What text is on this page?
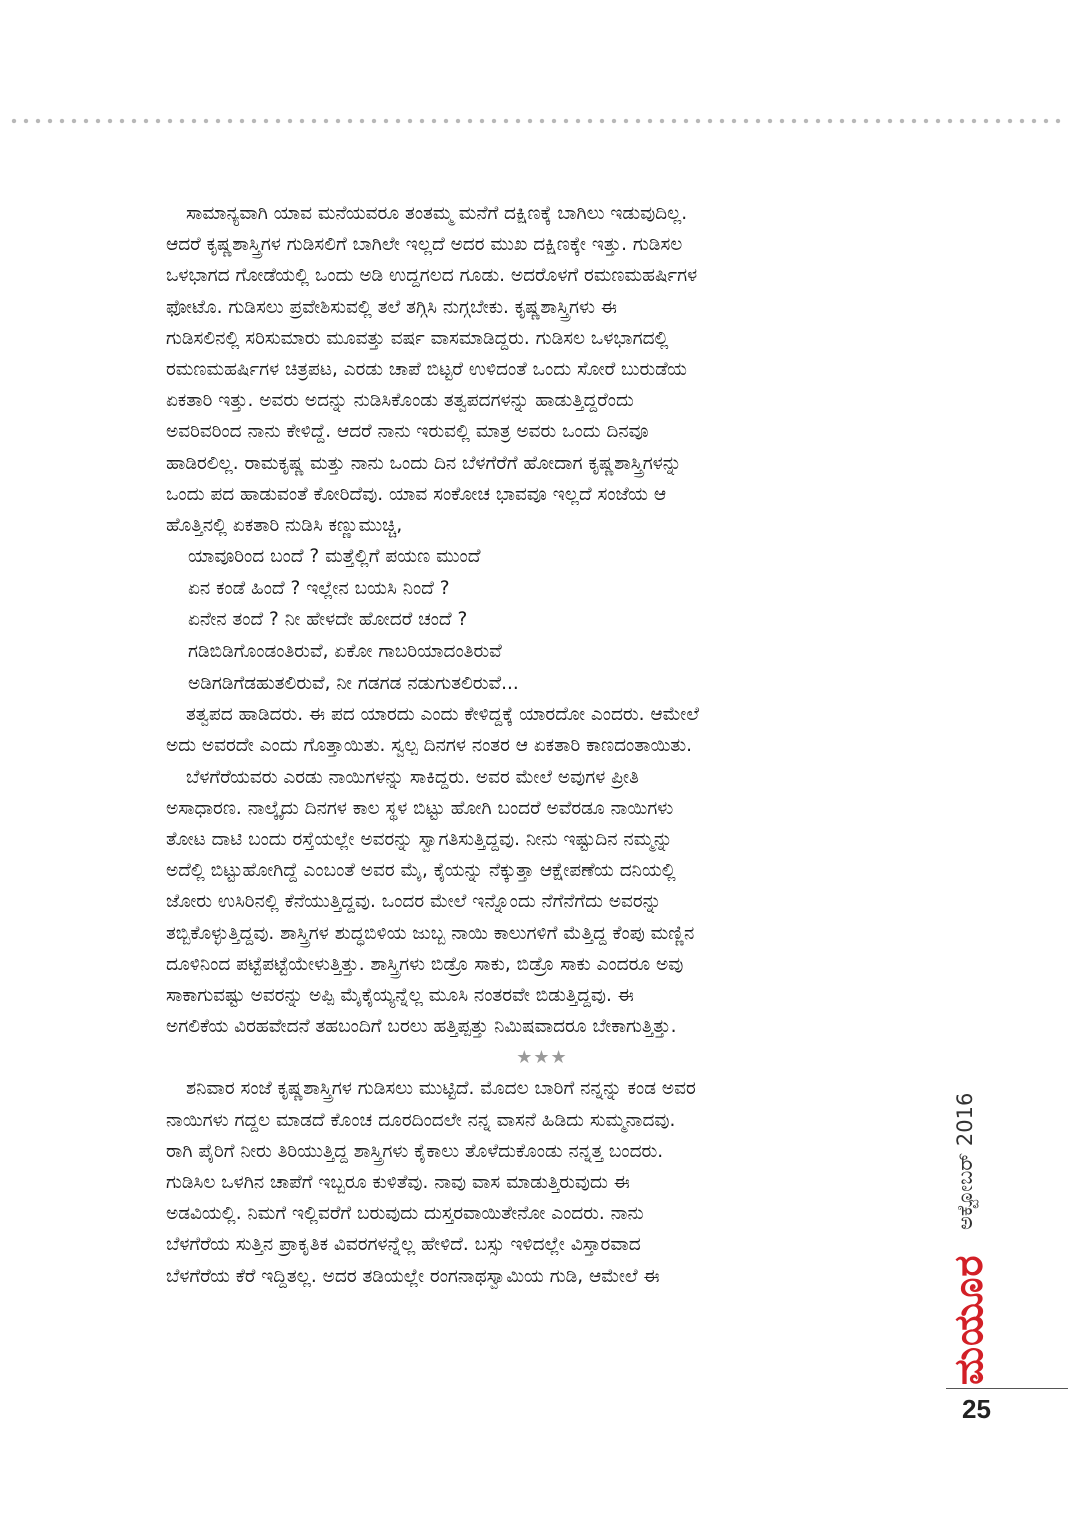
ಸಾಮಾನ್ಯವಾಗಿ ಯಾವ ಮನೆಯವರೂ ತಂತಮ್ಮ ಮನೆಗೆ ದಕ್ಷಿಣಕ್ಕೆ ಬಾಗಿಲು ಇಡುವುದಿಲ್ಲ.
ಆದರೆ ಕೃಷ್ಣಶಾಸ್ತ್ರಿಗಳ ಗುಡಿಸಲಿಗೆ ಬಾಗಿಲೇ ಇಲ್ಲದೆ ಅದರ ಮುಖ ದಕ್ಷಿಣಕ್ಕೇ ಇತ್ತು. ಗುಡಿಸಲ
ಒಳಭಾಗದ ಗೋಡೆಯಲ್ಲಿ ಒಂದು ಅಡಿ ಉದ್ದಗಲದ ಗೂಡು. ಅದರೊಳಗೆ ರಮಣಮಹರ್ಷಿಗಳ
ಫೋಟೊ. ಗುಡಿಸಲು ಪ್ರವೇಶಿಸುವಲ್ಲಿ ತಲೆ ತಗ್ಗಿಸಿ ನುಗ್ಗಬೇಕು. ಕೃಷ್ಣಶಾಸ್ತ್ರಿಗಳು ಈ
ಗುಡಿಸಲಿನಲ್ಲಿ ಸರಿಸುಮಾರು ಮೂವತ್ತು ವರ್ಷ ವಾಸಮಾಡಿದ್ದರು. ಗುಡಿಸಲ ಒಳಭಾಗದಲ್ಲಿ
ರಮಣಮಹರ್ಷಿಗಳ ಚಿತ್ರಪಟ, ಎರಡು ಚಾಪೆ ಬಿಟ್ಟರೆ ಉಳಿದಂತೆ ಒಂದು ಸೋರೆ ಬುರುಡೆಯ
ಏಕತಾರಿ ಇತ್ತು. ಅವರು ಅದನ್ನು ನುಡಿಸಿಕೊಂಡು ತತ್ವಪದಗಳನ್ನು ಹಾಡುತ್ತಿದ್ದರೆಂದು
ಅವರಿವರಿಂದ ನಾನು ಕೇಳಿದ್ದೆ. ಆದರೆ ನಾನು ಇರುವಲ್ಲಿ ಮಾತ್ರ ಅವರು ಒಂದು ದಿನವೂ
ಹಾಡಿರಲಿಲ್ಲ. ರಾಮಕೃಷ್ಣ ಮತ್ತು ನಾನು ಒಂದು ದಿನ ಬೆಳಗೆರೆಗೆ ಹೋದಾಗ ಕೃಷ್ಣಶಾಸ್ತ್ರಿಗಳನ್ನು
ಒಂದು ಪದ ಹಾಡುವಂತೆ ಕೋರಿದೆವು. ಯಾವ ಸಂಕೋಚ ಭಾವವೂ ಇಲ್ಲದೆ ಸಂಜೆಯ ಆ
ಹೊತ್ತಿನಲ್ಲಿ ಏಕತಾರಿ ನುಡಿಸಿ ಕಣ್ಣುಮುಚ್ಚಿ,
ಯಾವೂರಿಂದ ಬಂದೆ ? ಮತ್ತೆಲ್ಲಿಗೆ ಪಯಣ ಮುಂದೆ
ಏನ ಕಂಡೆ ಹಿಂದೆ ? ಇಲ್ಲೇನ ಬಯಸಿ ನಿಂದೆ ?
ಏನೇನ ತಂದೆ ? ನೀ ಹೇಳದೇ ಹೋದರೆ ಚಂದೆ ?
ಗಡಿಬಿಡಿಗೊಂಡಂತಿರುವೆ, ಏಕೋ ಗಾಬರಿಯಾದಂತಿರುವೆ
ಅಡಿಗಡಿಗೆಡಹುತಲಿರುವೆ, ನೀ ಗಡಗಡ ನಡುಗುತಲಿರುವೆ...
ತತ್ವಪದ ಹಾಡಿದರು. ಈ ಪದ ಯಾರದು ಎಂದು ಕೇಳಿದ್ದಕ್ಕೆ ಯಾರದೋ ಎಂದರು. ಆಮೇಲೆ
ಅದು ಅವರದೇ ಎಂದು ಗೊತ್ತಾಯಿತು. ಸ್ವಲ್ಪ ದಿನಗಳ ನಂತರ ಆ ಏಕತಾರಿ ಕಾಣದಂತಾಯಿತು.
ಬೆಳಗೆರೆಯವರು ಎರಡು ನಾಯಿಗಳನ್ನು ಸಾಕಿದ್ದರು. ಅವರ ಮೇಲೆ ಅವುಗಳ ಪ್ರೀತಿ
ಅಸಾಧಾರಣ. ನಾಲ್ಕೈದು ದಿನಗಳ ಕಾಲ ಸ್ಥಳ ಬಿಟ್ಟು ಹೋಗಿ ಬಂದರೆ ಅವೆರಡೂ ನಾಯಿಗಳು
ತೋಟ ದಾಟಿ ಬಂದು ರಸ್ತೆಯಲ್ಲೇ ಅವರನ್ನು ಸ್ವಾಗತಿಸುತ್ತಿದ್ದವು. ನೀನು ಇಷ್ಟುದಿನ ನಮ್ಮನ್ನು
ಅದೆಲ್ಲಿ ಬಿಟ್ಟುಹೋಗಿದ್ದೆ ಎಂಬಂತೆ ಅವರ ಮೈ, ಕೈಯನ್ನು ನೆಕ್ಕುತ್ತಾ ಆಕ್ಷೇಪಣೆಯ ದನಿಯಲ್ಲಿ
ಜೋರು ಉಸಿರಿನಲ್ಲಿ ಕೆನೆಯುತ್ತಿದ್ದವು. ಒಂದರ ಮೇಲೆ ಇನ್ನೊಂದು ನೆಗೆನೆಗೆದು ಅವರನ್ನು
ತಬ್ಬಿಕೊಳ್ಳುತ್ತಿದ್ದವು. ಶಾಸ್ತ್ರಿಗಳ ಶುದ್ಧಬಿಳಿಯ ಜುಬ್ಬ ನಾಯಿ ಕಾಲುಗಳಿಗೆ ಮೆತ್ತಿದ್ದ ಕೆಂಪು ಮಣ್ಣಿನ
ದೂಳಿನಿಂದ ಪಟ್ಟೆಪಟ್ಟೆಯೇಳುತ್ತಿತ್ತು. ಶಾಸ್ತ್ರಿಗಳು ಬಿಡ್ರೊ ಸಾಕು, ಬಿಡ್ರೊ ಸಾಕು ಎಂದರೂ ಅವು
ಸಾಕಾಗುವಷ್ಟು ಅವರನ್ನು ಅಪ್ಪಿ ಮೈಕೈಯ್ಯನ್ನೆಲ್ಲ ಮೂಸಿ ನಂತರವೇ ಬಿಡುತ್ತಿದ್ದವು. ಈ
ಅಗಲಿಕೆಯ ವಿರಹವೇದನೆ ತಹಬಂದಿಗೆ ಬರಲು ಹತ್ತಿಪ್ಪತ್ತು ನಿಮಿಷವಾದರೂ ಬೇಕಾಗುತ್ತಿತ್ತು.
★★★
ಶನಿವಾರ ಸಂಜೆ ಕೃಷ್ಣಶಾಸ್ತ್ರಿಗಳ ಗುಡಿಸಲು ಮುಟ್ಟಿದೆ. ಮೊದಲ ಬಾರಿಗೆ ನನ್ನನ್ನು ಕಂಡ ಅವರ
ನಾಯಿಗಳು ಗದ್ದಲ ಮಾಡದೆ ಕೊಂಚ ದೂರದಿಂದಲೇ ನನ್ನ ವಾಸನೆ ಹಿಡಿದು ಸುಮ್ಮನಾದವು.
ರಾಗಿ ಪೈರಿಗೆ ನೀರು ತಿರಿಯುತ್ತಿದ್ದ ಶಾಸ್ತ್ರಿಗಳು ಕೈಕಾಲು ತೊಳೆದುಕೊಂಡು ನನ್ನತ್ತ ಬಂದರು.
ಗುಡಿಸಿಲ ಒಳಗಿನ ಚಾಪೆಗೆ ಇಬ್ಬರೂ ಕುಳಿತೆವು. ನಾವು ವಾಸ ಮಾಡುತ್ತಿರುವುದು ಈ
ಅಡವಿಯಲ್ಲಿ. ನಿಮಗೆ ಇಲ್ಲಿವರೆಗೆ ಬರುವುದು ದುಸ್ತರವಾಯಿತೇನೋ ಎಂದರು. ನಾನು
ಬೆಳಗೆರೆಯ ಸುತ್ತಿನ ಪ್ರಾಕೃತಿಕ ವಿವರಗಳನ್ನೆಲ್ಲ ಹೇಳಿದೆ. ಬಸ್ಸು ಇಳಿದಲ್ಲೇ ವಿಸ್ತಾರವಾದ
ಬೆಳಗೆರೆಯ ಕೆರೆ ಇದ್ದಿತಲ್ಲ. ಅದರ ತಡಿಯಲ್ಲೇ ರಂಗನಾಥಸ್ವಾಮಿಯ ಗುಡಿ, ಆಮೇಲೆ ಈ
ಅಕ್ಟೋಬರ್ 2016
ಮಯೂರ
25
